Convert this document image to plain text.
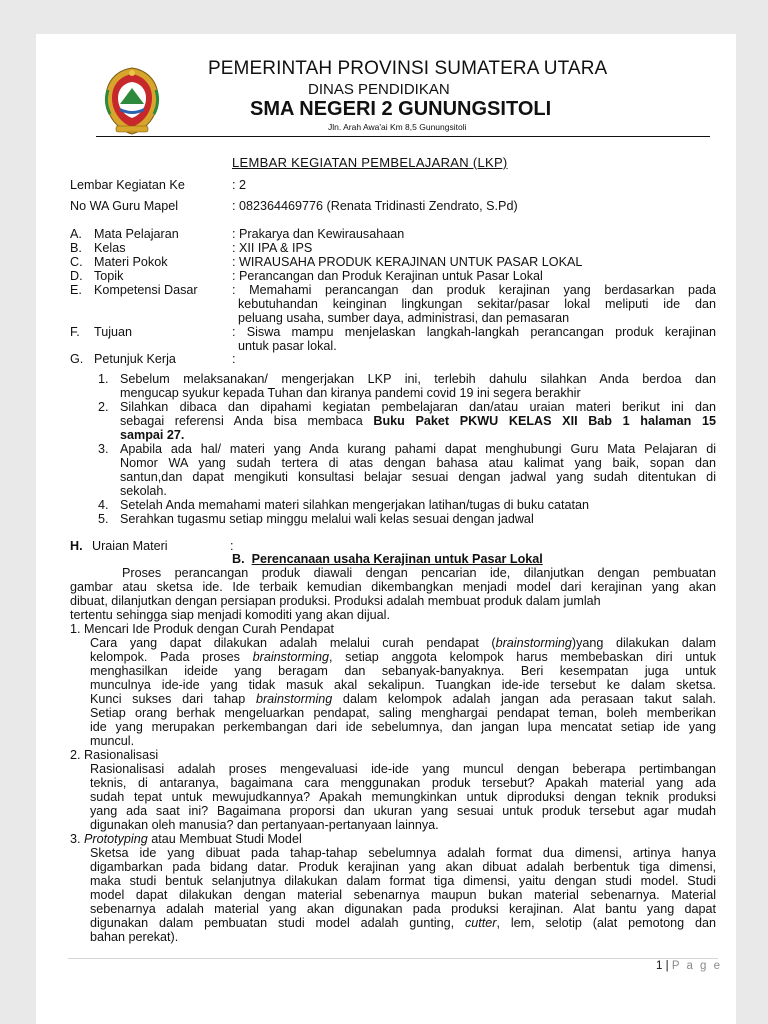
PEMERINTAH PROVINSI SUMATERA UTARA
DINAS PENDIDIKAN
SMA NEGERI 2 GUNUNGSITOLI
Jln. Arah Awa'ai Km 8,5 Gunungsitoli
LEMBAR KEGIATAN PEMBELAJARAN (LKP)
Lembar Kegiatan Ke	: 2
No WA Guru Mapel	: 082364469776 (Renata Tridinasti Zendrato, S.Pd)
A. Mata Pelajaran	: Prakarya dan Kewirausahaan
B. Kelas	: XII IPA & IPS
C. Materi Pokok	: WIRAUSAHA PRODUK KERAJINAN UNTUK PASAR LOKAL
D. Topik	: Perancangan dan Produk Kerajinan untuk Pasar Lokal
E. Kompetensi Dasar	: Memahami perancangan dan produk kerajinan yang berdasarkan pada
kebutuhandan keinginan lingkungan sekitar/pasar lokal meliputi ide dan
peluang usaha, sumber daya, administrasi, dan pemasaran
F. Tujuan	: Siswa mampu menjelaskan langkah-langkah perancangan produk kerajinan
untuk pasar lokal.
G. Petunjuk Kerja	:
1. Sebelum melaksanakan/ mengerjakan LKP ini, terlebih dahulu silahkan Anda berdoa dan
mengucap syukur kepada Tuhan dan kiranya pandemi covid 19 ini segera berakhir
2. Silahkan dibaca dan dipahami kegiatan pembelajaran dan/atau uraian materi berikut ini dan
sebagai referensi Anda bisa membaca Buku Paket PKWU KELAS XII Bab 1 halaman 15
sampai 27.
3. Apabila ada hal/ materi yang Anda kurang pahami dapat menghubungi Guru Mata Pelajaran di
Nomor WA yang sudah tertera di atas dengan bahasa atau kalimat yang baik, sopan dan
santun,dan dapat mengikuti konsultasi belajar sesuai dengan jadwal yang sudah ditentukan di
sekolah.
4. Setelah Anda memahami materi silahkan mengerjakan latihan/tugas di buku catatan
5. Serahkan tugasmu setiap minggu melalui wali kelas sesuai dengan jadwal
H. Uraian Materi	:
B. Perencanaan usaha Kerajinan untuk Pasar Lokal
Proses perancangan produk diawali dengan pencarian ide, dilanjutkan dengan pembuatan
gambar atau sketsa ide. Ide terbaik kemudian dikembangkan menjadi model dari kerajinan yang akan
dibuat, dilanjutkan dengan persiapan produksi. Produksi adalah membuat produk dalam jumlah
tertentu sehingga siap menjadi komoditi yang akan dijual.
1. Mencari Ide Produk dengan Curah Pendapat
Cara yang dapat dilakukan adalah melalui curah pendapat (brainstorming)yang dilakukan dalam
kelompok. Pada proses brainstorming, setiap anggota kelompok harus membebaskan diri untuk
menghasilkan ideide yang beragam dan sebanyak-banyaknya. Beri kesempatan juga untuk
munculnya ide-ide yang tidak masuk akal sekalipun. Tuangkan ide-ide tersebut ke dalam sketsa.
Kunci sukses dari tahap brainstorming dalam kelompok adalah jangan ada perasaan takut salah.
Setiap orang berhak mengeluarkan pendapat, saling menghargai pendapat teman, boleh memberikan
ide yang merupakan perkembangan dari ide sebelumnya, dan jangan lupa mencatat setiap ide yang
muncul.
2. Rasionalisasi
Rasionalisasi adalah proses mengevaluasi ide-ide yang muncul dengan beberapa pertimbangan
teknis, di antaranya, bagaimana cara menggunakan produk tersebut? Apakah material yang ada
sudah tepat untuk mewujudkannya? Apakah memungkinkan untuk diproduksi dengan teknik produksi
yang ada saat ini? Bagaimana proporsi dan ukuran yang sesuai untuk produk tersebut agar mudah
digunakan oleh manusia? dan pertanyaan-pertanyaan lainnya.
3. Prototyping atau Membuat Studi Model
Sketsa ide yang dibuat pada tahap-tahap sebelumnya adalah format dua dimensi, artinya hanya
digambarkan pada bidang datar. Produk kerajinan yang akan dibuat adalah berbentuk tiga dimensi,
maka studi bentuk selanjutnya dilakukan dalam format tiga dimensi, yaitu dengan studi model. Studi
model dapat dilakukan dengan material sebenarnya maupun bukan material sebenarnya. Material
sebenarnya adalah material yang akan digunakan pada produksi kerajinan. Alat bantu yang dapat
digunakan dalam pembuatan studi model adalah gunting, cutter, lem, selotip (alat pemotong dan
bahan perekat).
1 | P a g e
